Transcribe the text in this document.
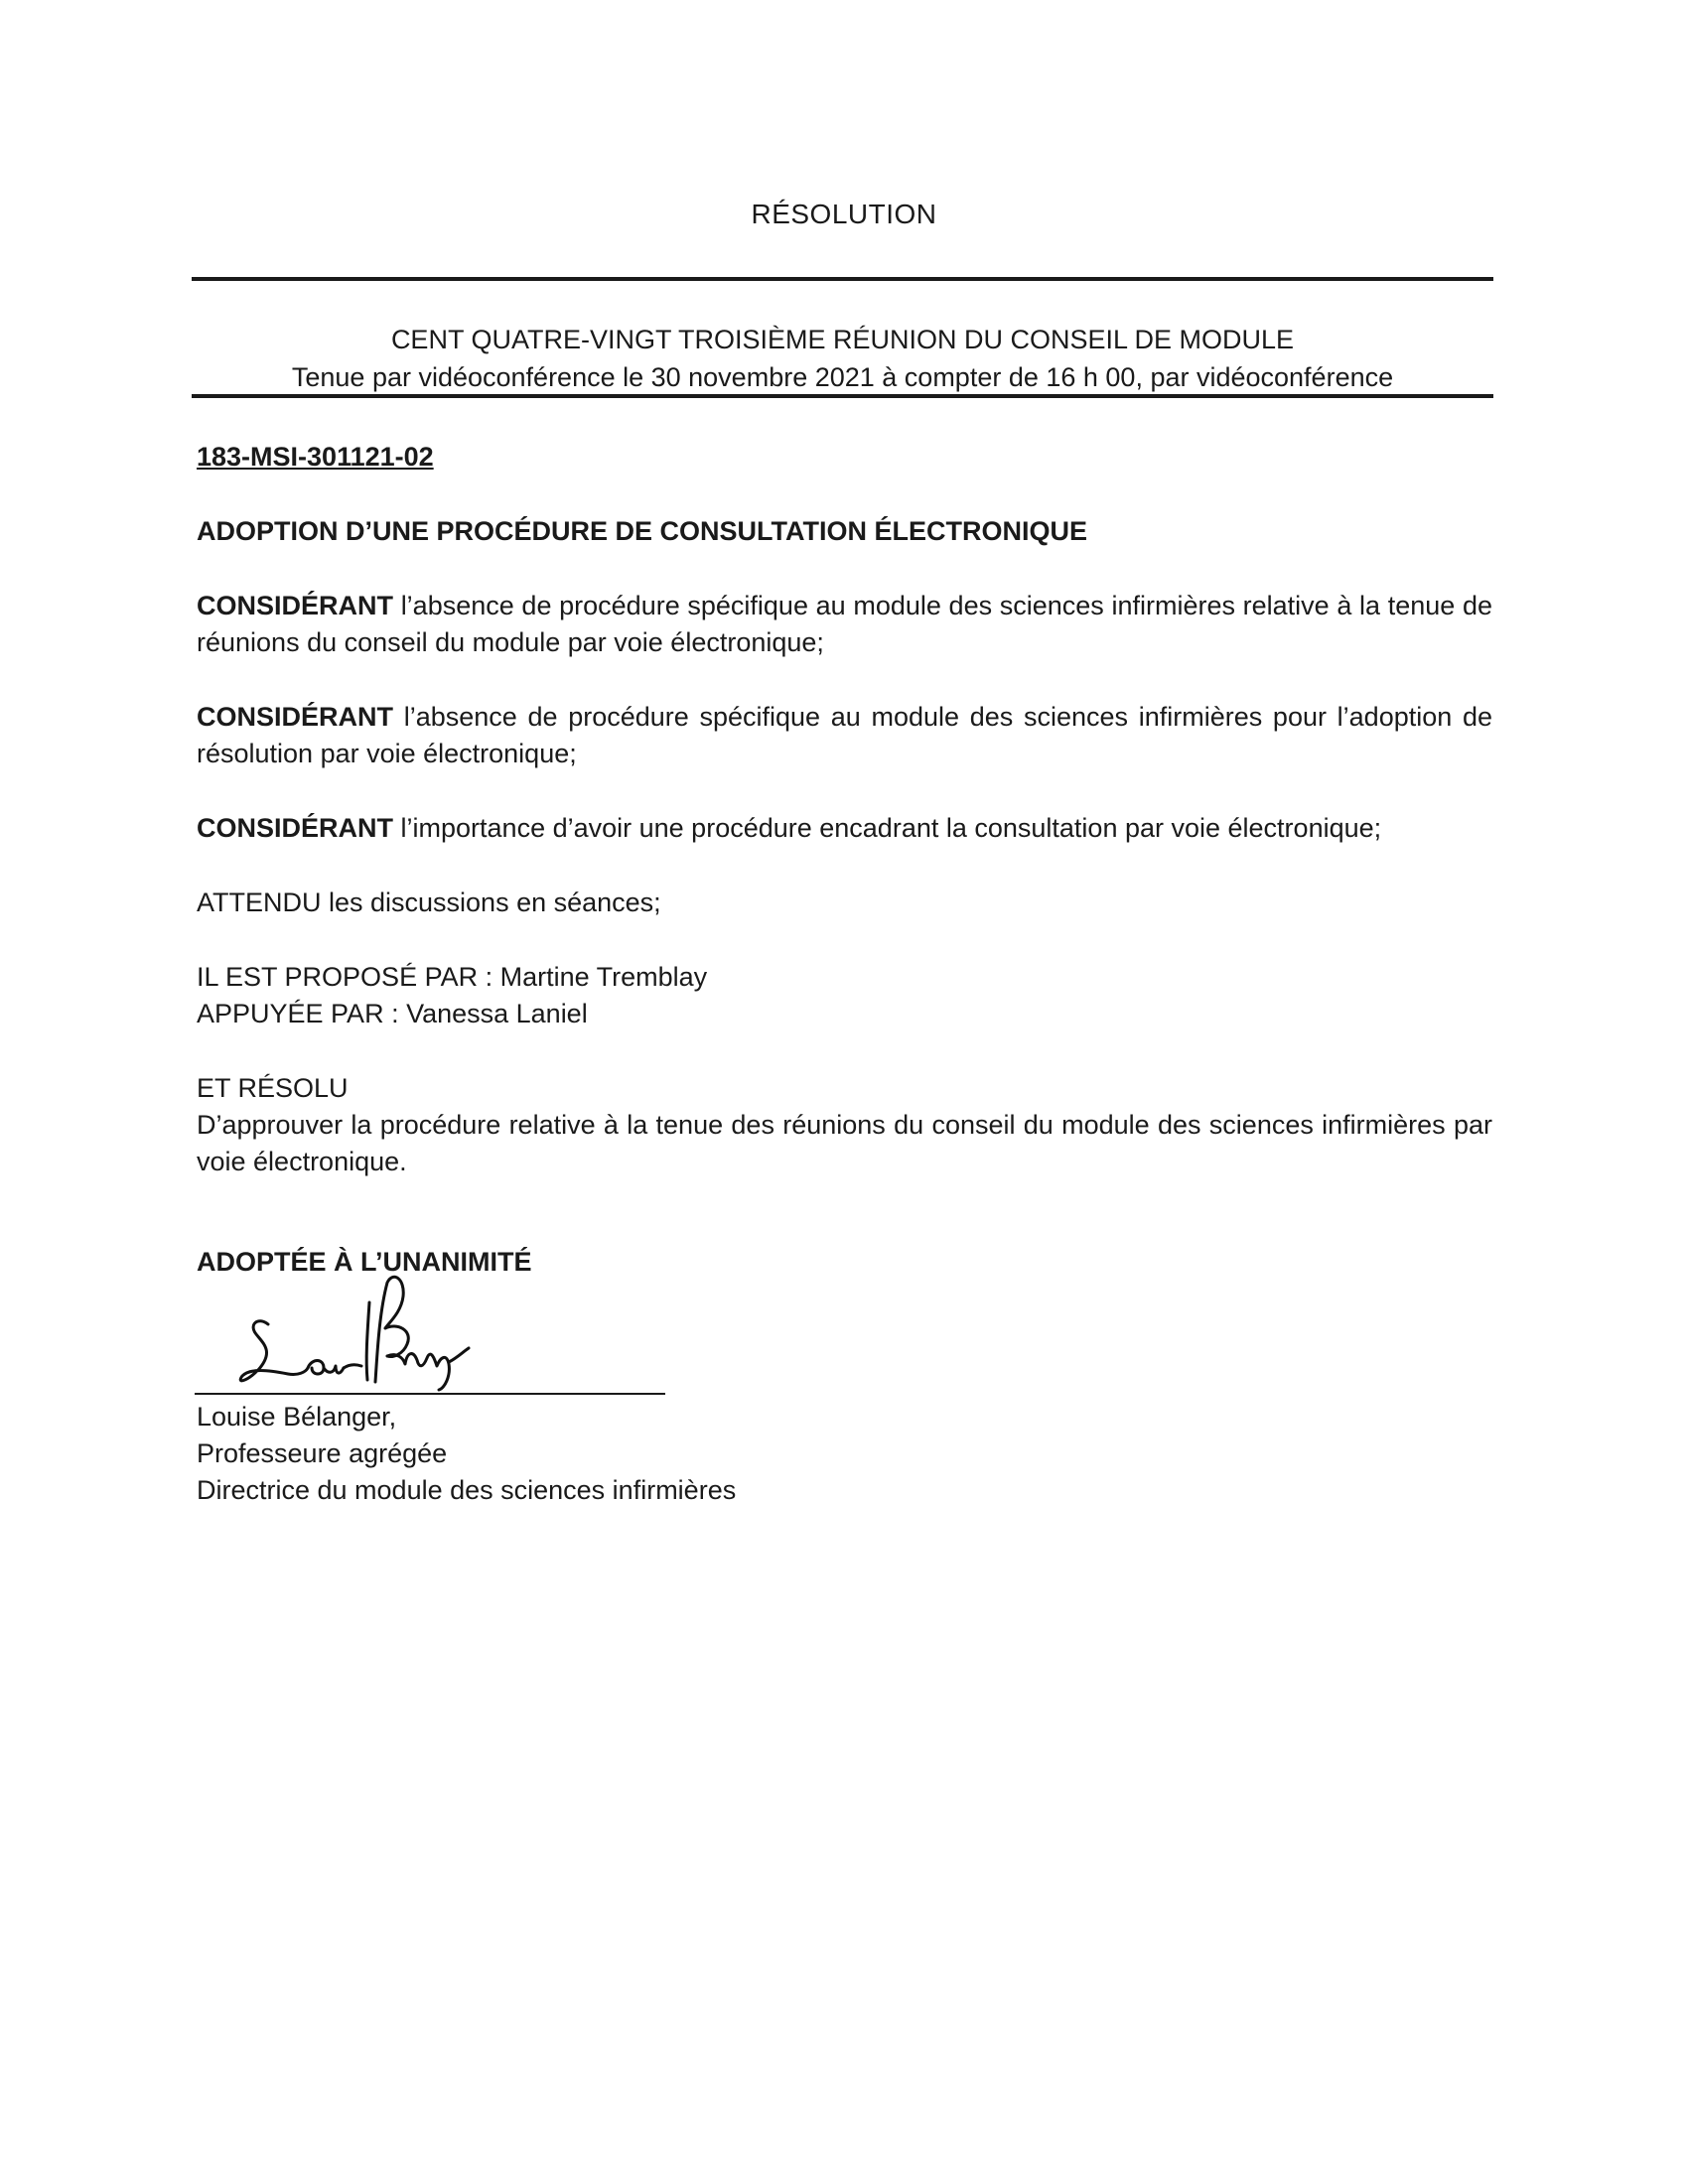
RÉSOLUTION
CENT QUATRE-VINGT TROISIÈME RÉUNION DU CONSEIL DE MODULE
Tenue par vidéoconférence le 30 novembre 2021 à compter de 16 h 00, par vidéoconférence

183-MSI-301121-02

ADOPTION D’UNE PROCÉDURE DE CONSULTATION ÉLECTRONIQUE

CONSIDÉRANT l’absence de procédure spécifique au module des sciences infirmières relative à la tenue de réunions du conseil du module par voie électronique;

CONSIDÉRANT l’absence de procédure spécifique au module des sciences infirmières pour l’adoption de résolution par voie électronique;

CONSIDÉRANT l’importance d’avoir une procédure encadrant la consultation par voie électronique;

ATTENDU les discussions en séances;

IL EST PROPOSÉ PAR : Martine Tremblay
APPUYÉE PAR : Vanessa Laniel

ET RÉSOLU

D’approuver la procédure relative à la tenue des réunions du conseil du module des sciences infirmières par voie électronique.

ADOPTÉE À L’UNANIMITÉ
Louise Bélanger,
Professeure agrégée
Directrice du module des sciences infirmières
